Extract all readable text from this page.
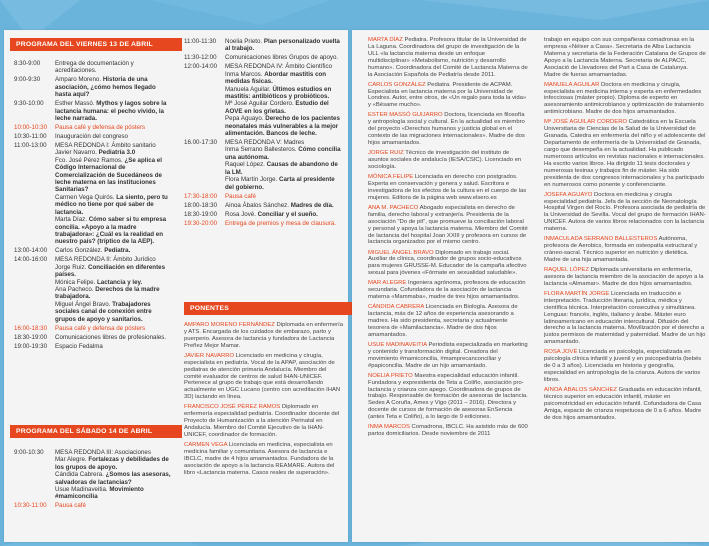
PROGRAMA DEL VIERNES 13 DE ABRIL
8:30-9:00	Entrega de documentación y acreditaciones.
9:00-9:30	Amparo Moreno. Historia de una asociación, ¿cómo hemos llegado hasta aquí?
9:30-10:00	Esther Massó. Mythos y lagos sobre la lactancia humana: el pecho vivido, la leche narrada.
10:00-10:30	Pausa café y defensa de pósters
10:30-11:00	Inauguración del congreso
11:00-13:00	MESA REDONDA I: Ámbito sanitario
Javier Navarro. Pediatría 3.0
Fco. José Pérez Ramos. ¿Se aplica el Código Internacional de Comercialización de Sucedáneos de leche materna en las instituciones Sanitarias?
Carmen Vega Quirós. La siento, pero tu médico no tiene por qué saber de lactancia.
Marta Díaz. Cómo saber si tu empresa concilia. «Apoyo a la madre trabajadora»: ¿Cuál es la realidad en nuestro país? (tríptico de la AEP).
13:00-14:00	Carlos González. Pediatra.
14:00-16:00	MESA REDONDA II: Ámbito Jurídico
Jorge Ruiz. Conciliación en diferentes países.
Mónica Felipe. Lactancia y ley.
Ana Pacheco. Derechos de la madre trabajadora.
Miguel Ángel Bravo. Trabajadores sociales canal de conexión entre grupos de apoyo y sanitarios.
16:00-18:30	Pausa café y defensa de pósters
18:30-19:00	Comunicaciones libres de profesionales.
19:00-19:30	Espacio Fedalma
PROGRAMA DEL SÁBADO 14 DE ABRIL
9:00-10:30	MESA REDONDA III: Asociaciones
Mar Alegre. Fortalezas y debilidades de los grupos de apoyo.
Cándida Cabrera. ¿Somos las asesoras, salvadoras de lactancias?
Usue Madinaveitia. Movimiento #mamiconcilia
10:30-11:00	Pausa café
11:00-11:30	Noelia Prieto. Plan personalizado vuelta al trabajo.
11:30-12:00	Comunicaciones libres Grupos de apoyo.
12:00-14:00	MESA REDONDA IV: Ámbito Científico
Inma Marcos. Abordar mastitis con medidas físicas.
Manuela Aguilar. Últimos estudios en mastitis: antibióticos y probióticos.
Mª José Aguilar Cordero. Estudio del AOVE en los grietas.
Pepa Aguayo. Derecho de los pacientes neonatales más vulnerables a la mejor alimentación. Bancos de leche.
16.00-17:30	MESA REDONDA V: Madres
Inma Serrano Ballesteros. Cómo concilia una autónoma.
Raquel López. Causas de abandono de la LM.
Flora Martín Jorge. Carta al presidente del gobierno.
17:30-18:00	Pausa café
18:00-18:30	Ainoa Ábalos Sánchez. Madres de día.
18:30-19:00	Rosa Jové. Conciliar y el sueño.
19:30-20:00	Entrega de premios y mesa de clausura.
PONENTES

AMPARO MORENO FERNÁNDEZ Diplomada en enfermería y ATS. Encargada de los cuidados de embarazo, parto y puerperio. Asesora de lactancia y fundadora de Lactancia Preñez Mejor Mamar.

JAVIER NAVARRO Licenciado en medicina y cirugía, especialista en pediatría. Vocal de la APAP, asociación de pediatras de atención primaria Andalucía. Miembro del comité evaluador de centros de salud IHAN-UNICEF. Pertenece al grupo de trabajo que está desarrollando actualmente en UGC Lucano (centro con acreditación IHAN 3D) lactando en línea.

FRANCISCO JOSÉ PÉREZ RAMOS Diplomado en enfermería especialidad pediatría. Coordinador docente del Proyecto de Humanización a la atención Perinatal en Andalucía. Miembro del Comité Ejecutivo de la IHAN-UNICEF, coordinador de formación.

CARMEN VEGA Licenciada en medicina, especialista en medicina familiar y comunitaria. Asesora de lactancia e IBCLC, madre de 4 hijos amamantados. Fundadora de la asociación de apoyo a la lactancia REAMARE. Autora del libro «Lactancia materna. Casos reales de superación».

MARTA DÍAZ Pediatra. Profesora titular de la Universidad de La Laguna. Coordinadora del grupo de investigación de la ULL «la lactancia materna desde un enfoque multidisciplinar» «Metabolismo, nutrición y desarrollo humano». Coordinadora del Comité de Lactancia Materna de la Asociación Española de Pediatría desde 2011.

CARLOS GONZÁLEZ Pediatra. Presidente de ACPAM. Especialista en lactancia materna por la Universidad de Londres. Autor, entre otros, de «Un regalo para toda la vida» y «Bésame mucho».

ESTER MASSÓ GUIJARRO Doctora, licenciada en filosofía y antropología social y cultural. En la actualidad es miembro del proyecto «Derechos humanos y justicia global en el contexto de las migraciones internacionales». Madre de dos hijos amamantados.

JORGE RUIZ Técnico de investigación del instituto de asuntos sociales de andalucía (IESA/CSIC). Licenciado en sociología.

MÓNICA FELIPE Licenciada en derecho con postgrados. Experta en conservación y genera y salud. Escritora e investigadora de los efectos de la cultura en el cuerpo de las mujeres. Editora de la página web www.elsero.es

ANA M. PACHECO Abogado especialista en derecho de familia, derecho laboral y extranjería. Presidenta de la asociación "Do de pit", que promueve la conciliación laboral y personal y apoya la lactancia materna. Miembro del Comité de lactancia del hospital Joan XXIII y profesora en cursos de lactancia organizados por el mismo centro.

MIGUEL ÁNGEL BRAVO Diplomado en trabajo social. Auxiliar de clínica, coordinador de grupos socio-educativos para mujeres GRUSSE-M. Educador de la campaña afectivo sexual para jóvenes «Fórmate en sexualidad saludable».

MAR ALEGRE Ingeniera agrónoma, profesora de educación secundaria. Cofundadora de la asociación de lactancia materna «Mammaba», madre de tres hijos amamantados.

CÁNDIDA CABRERA Licenciada en Biología. Asesora de lactancia, más de 12 años de experiencia asesorando a madres. Ha sido presidenta, secretaria y actualmente tesorera de «Mamilactancia». Madre de dos hijos amamantados.

USUE MADINAVEITIA Periodista especializada en marketing y contenido y transformación digital. Creadora del movimiento #mamiconcilia, #mamprecanconciliar y #papiconcilia. Madre de un hijo amamantado.

NOELIA PRIETO Maestra especialidad educación infantil. Fundadora y expresidenta de Teta a Coliño, asociación pro-lactancia y crianza con apego. Coordinadora de grupos de trabajo. Responsable de formación de asesoras de lactancia. Sedes A Coruña, Ames y Vigo (2011 – 2016). Directora y docente de cursos de formación de asesoras EnSencia (antes Teta e Coliño), a lo largo de 9 ediciones.

INMA MARCOS Comadrona, IBCLC. Ha asistido más de 600 partos domiciliarios. Desde noviembre de 2011

trabajo en equipo con sus compañeras comadronas en la empresa «Néixer a Casa». Secretaria de Alba Lactancia Materna y secretaria de la Federación Catalana de Grupos de Apoyo a la Lactancia Materna. Secretaria de ALPACC, Asociació de Llevadores del Part a Casa de Catalunya. Madre de fueras amamantadas.

MANUELA AGUILAR Doctora en medicina y cirugía, especialista en medicina interna y experta en enfermedades infecciosas (máster propio). Diploma de experto en asesoramiento antimicrobianos y optimización de tratamiento antimicrobiano. Madre de dos hijos amamantados.

Mª JOSÉ AGUILAR CORDERO Catedrática en la Escuela Universitaria de Ciencias de la Salud de la Universidad de Granada. Catedra en enfermería del niño y el adolescente del Departamento de enfermería de la Universidad de Granada, cargo que desempeña en la actualidad. Ha publicado numerosos artículos en revistas nacionales e internacionales. Ha escrito varios libros. Ha dirigido 11 tesis doctorales y numerosas tesinas y trabajos fin de máster. Ha sido presidenta de dos congresos internacionales y ha participado en numerosos como ponente y conferenciante.

JOSEFA AGUAYO Doctora en medicina y cirugía especialidad pediatría. Jefa de la sección de Neonatología Hospital Virgen del Rocío. Profesora asociada de pediatría de la Universidad de Sevilla. Vocal del grupo de formación IHAN-UNICEF. Autora de varios libros relacionados con la lactancia materna.

INMACULADA SERRANO BALLESTEROS Autónoma, profesora de Aerobics, formada en osteopatía estructural y cráneo-sacral. Técnico superior en nutrición y dietética. Madre de una hija amamantada.

RAQUEL LÓPEZ Diplomada universitaria en enfermería, asesora de lactancia miembro de la asociación de apoyo a la lactancia «Almamar». Madre de dos hijos amamantados.

FLORA MARTÍN JORGE Licenciada en traducción e interpretación. Traducción literaria, jurídica, médica y científica técnica. Interpretación consecutiva y simultánea. Lenguas: francés, inglés, italiano y árabe. Máster euro latinoamericano en educación intercultural. Difusión del derecho a la lactancia materna. Movilización por el derecho a justos permisos de maternidad y paternidad. Madre de un hijo amamantado.

ROSA JOVÉ Licenciada en psicología, especializada en psicología clínica infantil y juvenil y en psicopediatría (bebés de 0 a 3 años). Licenciada en historia y geografía, especialidad en antropología de la crianza. Autora de varios libros.

AINOA ÁBALOS SÁNCHEZ Graduada en educación infantil, técnico superior en educación infantil, máster en psicomotricidad en educación infantil. Cofundadora de Casa Amiga, espacio de crianza respetuosa de 0 a 6 años. Madre de dos hijos amamantados.
